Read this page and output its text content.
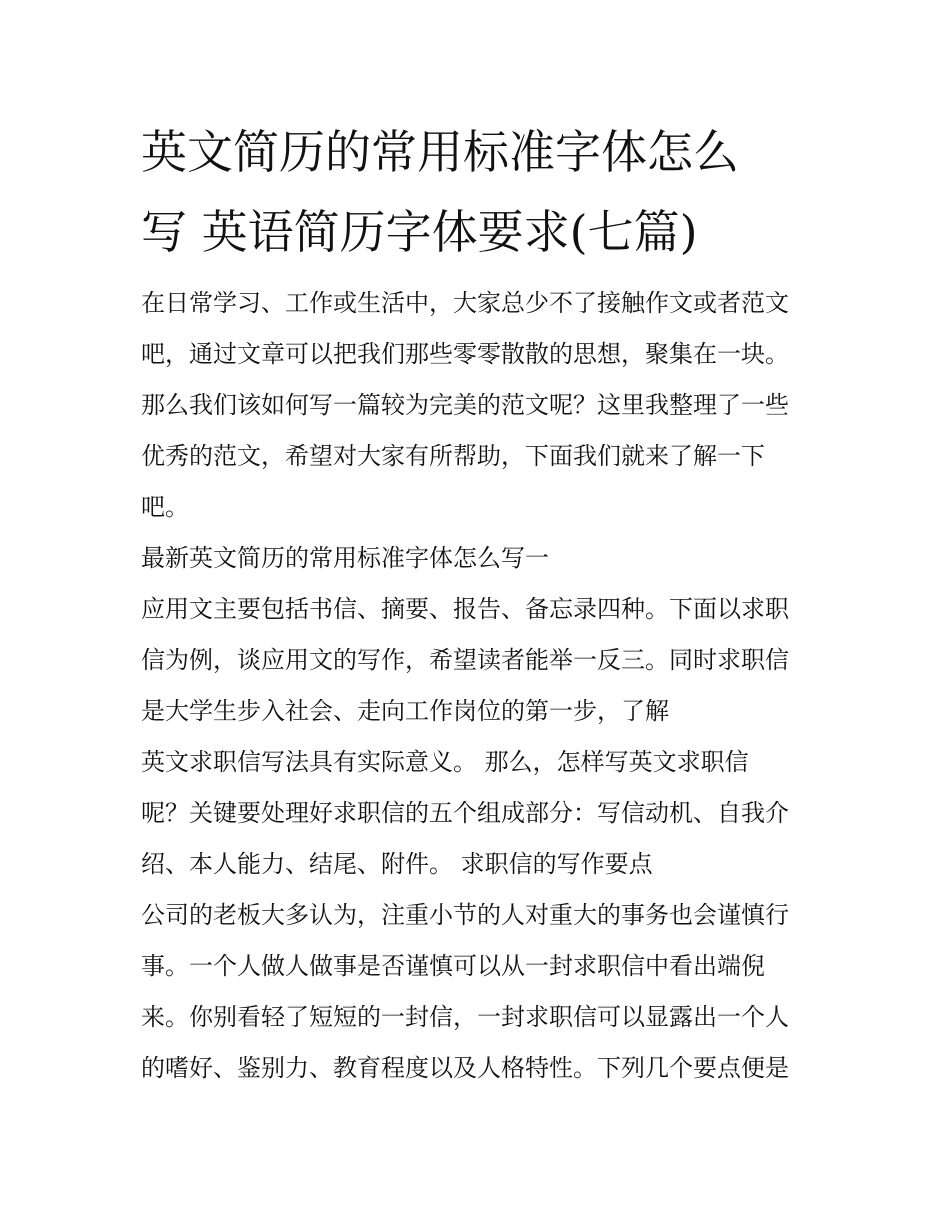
英文简历的常用标准字体怎么
写 英语简历字体要求(七篇)

在日常学习、工作或生活中，大家总少不了接触作文或者范文
吧，通过文章可以把我们那些零零散散的思想，聚集在一块。
那么我们该如何写一篇较为完美的范文呢？这里我整理了一些
优秀的范文，希望对大家有所帮助，下面我们就来了解一下
吧。

最新英文简历的常用标准字体怎么写一

应用文主要包括书信、摘要、报告、备忘录四种。下面以求职
信为例，谈应用文的写作，希望读者能举一反三。同时求职信
是大学生步入社会、走向工作岗位的第一步，了解

英文求职信写法具有实际意义。 那么，怎样写英文求职信
呢？关键要处理好求职信的五个组成部分：写信动机、自我介
绍、本人能力、结尾、附件。 求职信的写作要点

公司的老板大多认为，注重小节的人对重大的事务也会谨慎行
事。一个人做人做事是否谨慎可以从一封求职信中看出端倪
来。你别看轻了短短的一封信，一封求职信可以显露出一个人
的嗜好、鉴别力、教育程度以及人格特性。下列几个要点便是
